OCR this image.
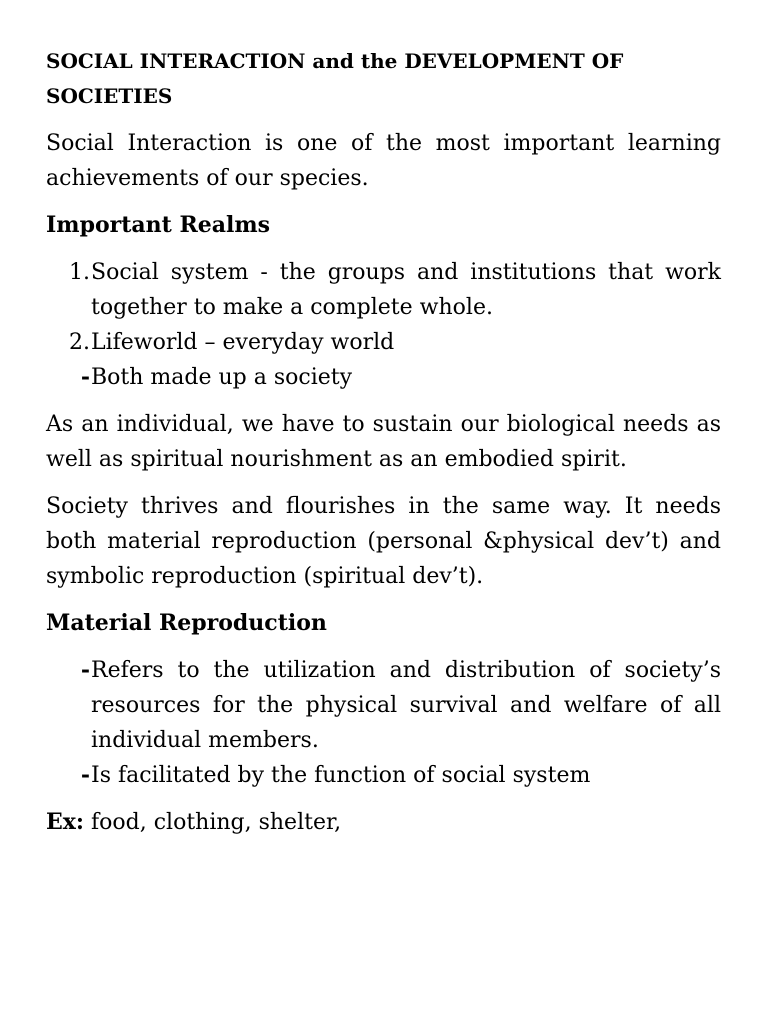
SOCIAL INTERACTION and the DEVELOPMENT OF SOCIETIES

Social Interaction is one of the most important learning achievements of our species.

Important Realms
1. Social system - the groups and institutions that work together to make a complete whole.
2. Lifeworld – everyday world
- Both made up a society

As an individual, we have to sustain our biological needs as well as spiritual nourishment as an embodied spirit.

Society thrives and flourishes in the same way. It needs both material reproduction (personal &physical dev’t) and symbolic reproduction (spiritual dev’t).

Material Reproduction
- Refers to the utilization and distribution of society’s resources for the physical survival and welfare of all individual members.
- Is facilitated by the function of social system

Ex: food, clothing, shelter,
